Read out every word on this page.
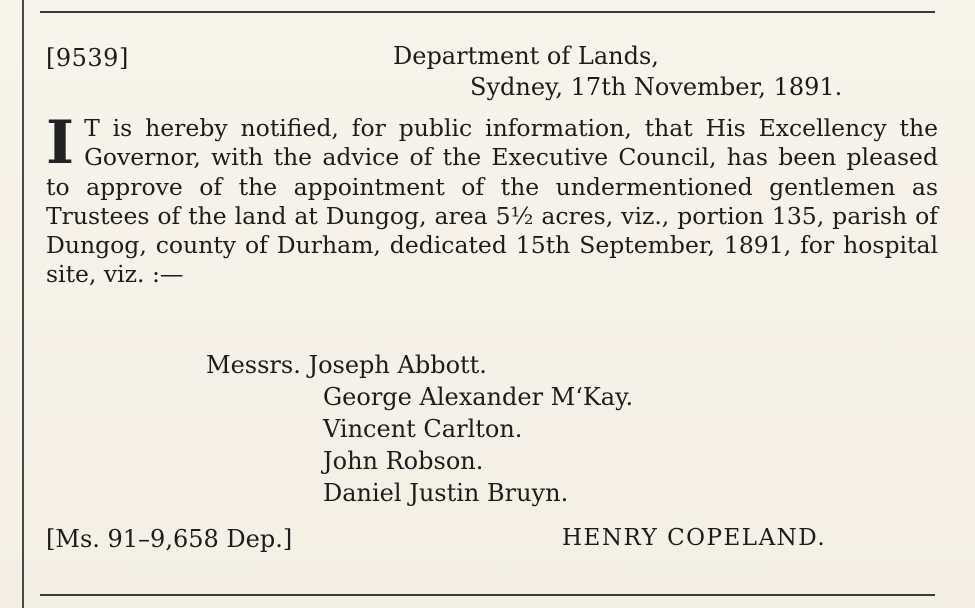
[9539]	Department of Lands,
Sydney, 17th November, 1891.
I T is hereby notified, for public information, that His Excellency the Governor, with the advice of the Executive Council, has been pleased to approve of the appointment of the undermentioned gentlemen as Trustees of the land at Dungog, area 5½ acres, viz., portion 135, parish of Dungog, county of Durham, dedicated 15th September, 1891, for hospital site, viz. :—
Messrs. Joseph Abbott.
George Alexander M‘Kay.
Vincent Carlton.
John Robson.
Daniel Justin Bruyn.
[Ms. 91–9,658 Dep.]	HENRY COPELAND.
